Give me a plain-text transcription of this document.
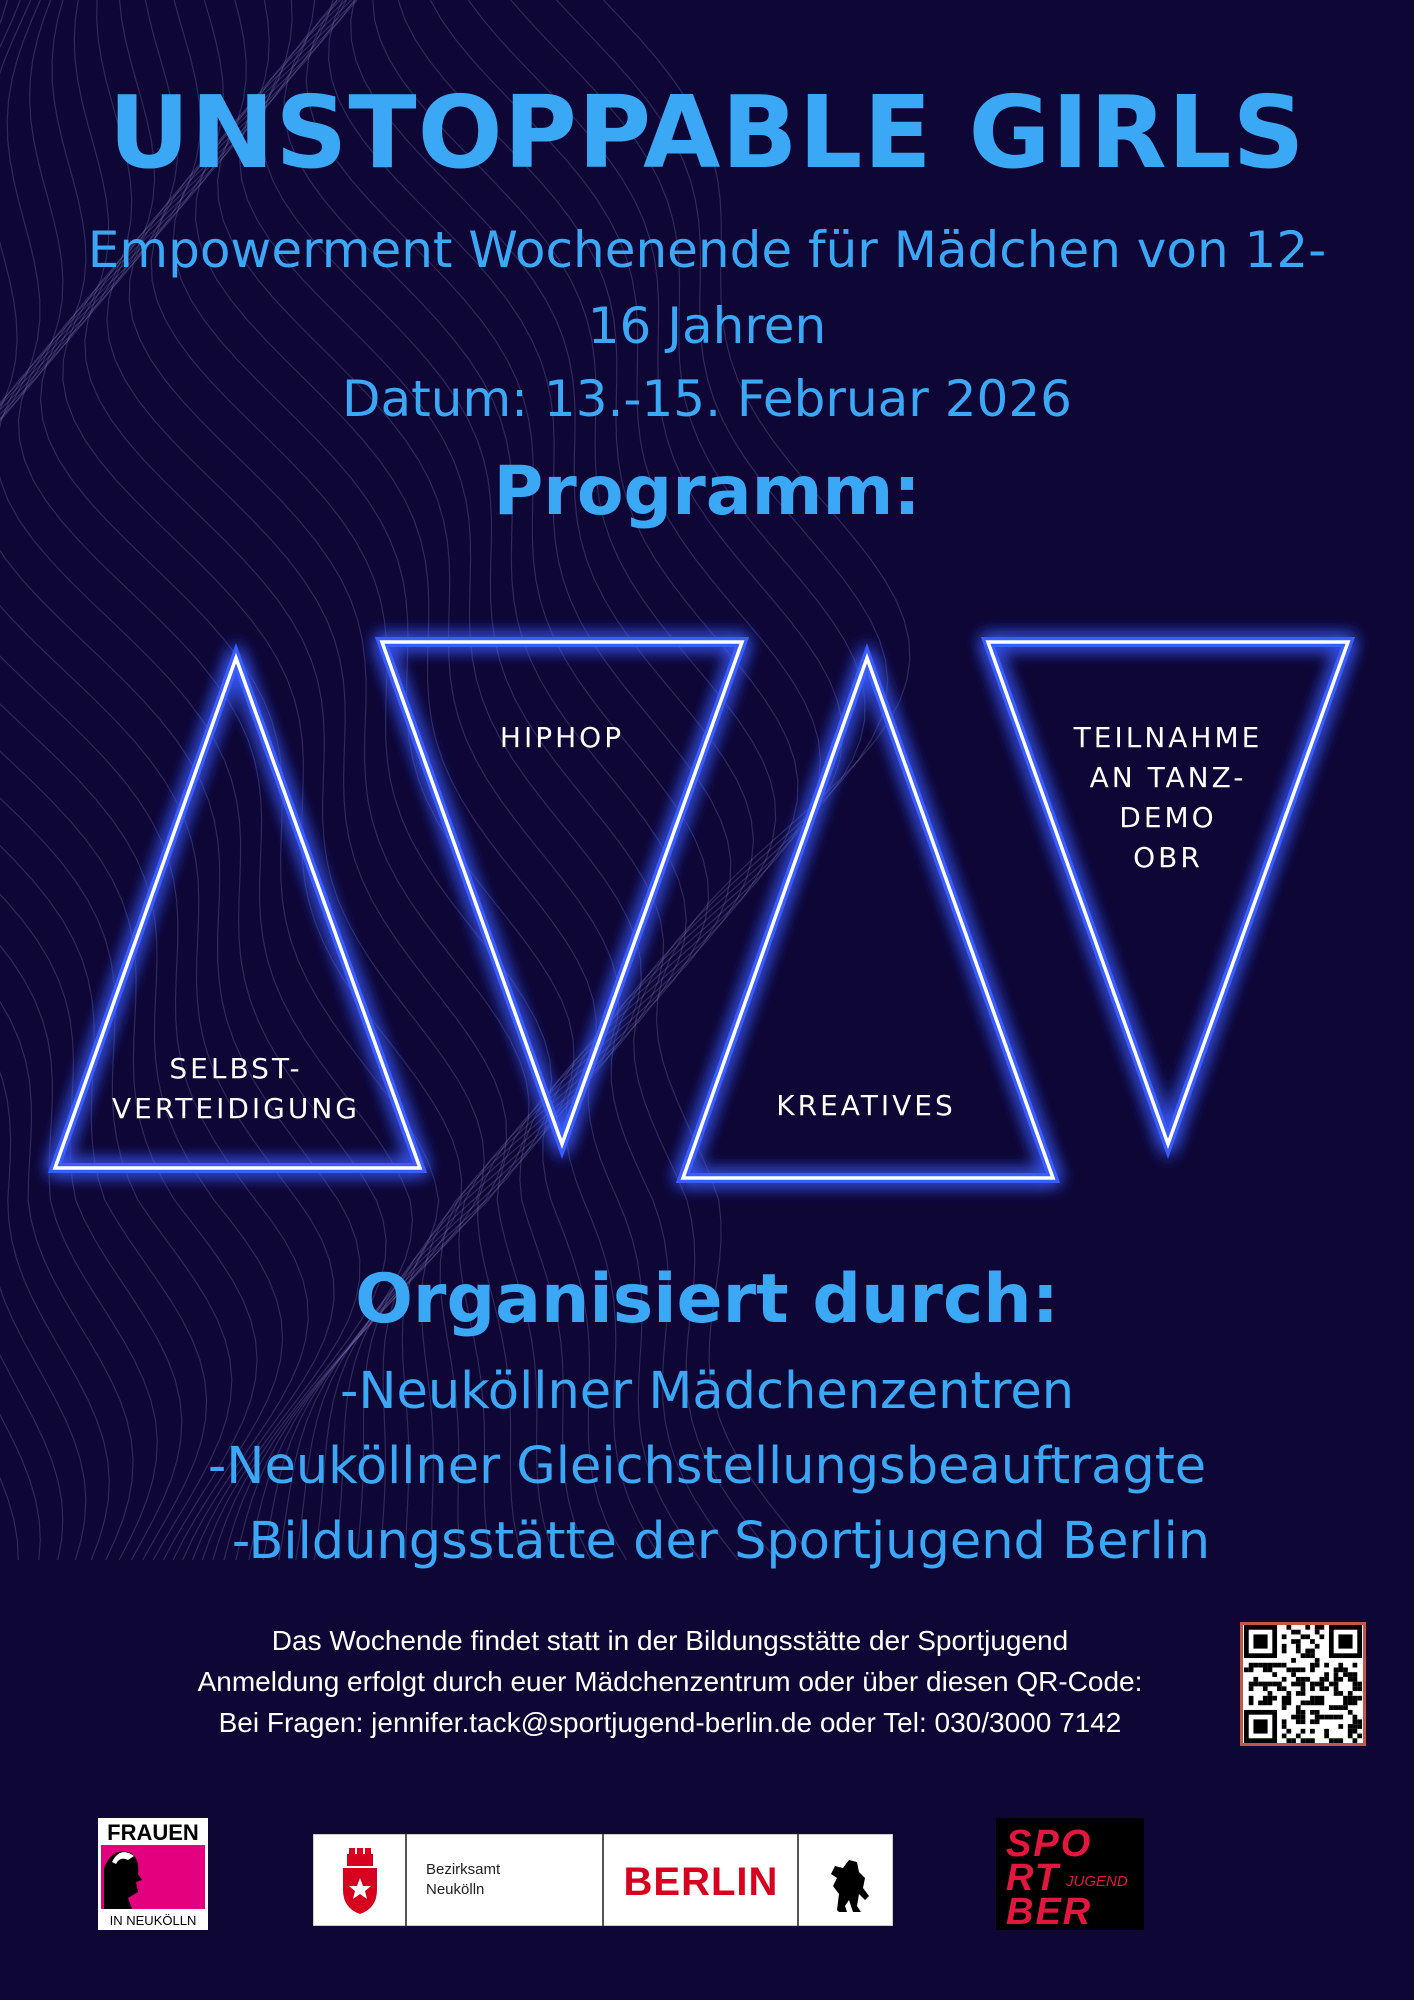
UNSTOPPABLE GIRLS
Empowerment Wochenende für Mädchen von 12-
16 Jahren
Datum: 13.-15. Februar 2026
Programm:
SELBST-
VERTEIDIGUNG
HIPHOP
KREATIVES
TEILNAHME
AN TANZ-
DEMO
OBR
Organisiert durch:
-Neuköllner Mädchenzentren
-Neuköllner Gleichstellungsbeauftragte
-Bildungsstätte der Sportjugend Berlin
Das Wochende findet statt in der Bildungsstätte der Sportjugend
Anmeldung erfolgt durch euer Mädchenzentrum oder über diesen QR-Code:
Bei Fragen: jennifer.tack@sportjugend-berlin.de oder Tel: 030/3000 7142
FRAUEN
IN NEUKÖLLN
Bezirksamt
Neukölln	BERLIN
SPO
RT JUGEND
BER
